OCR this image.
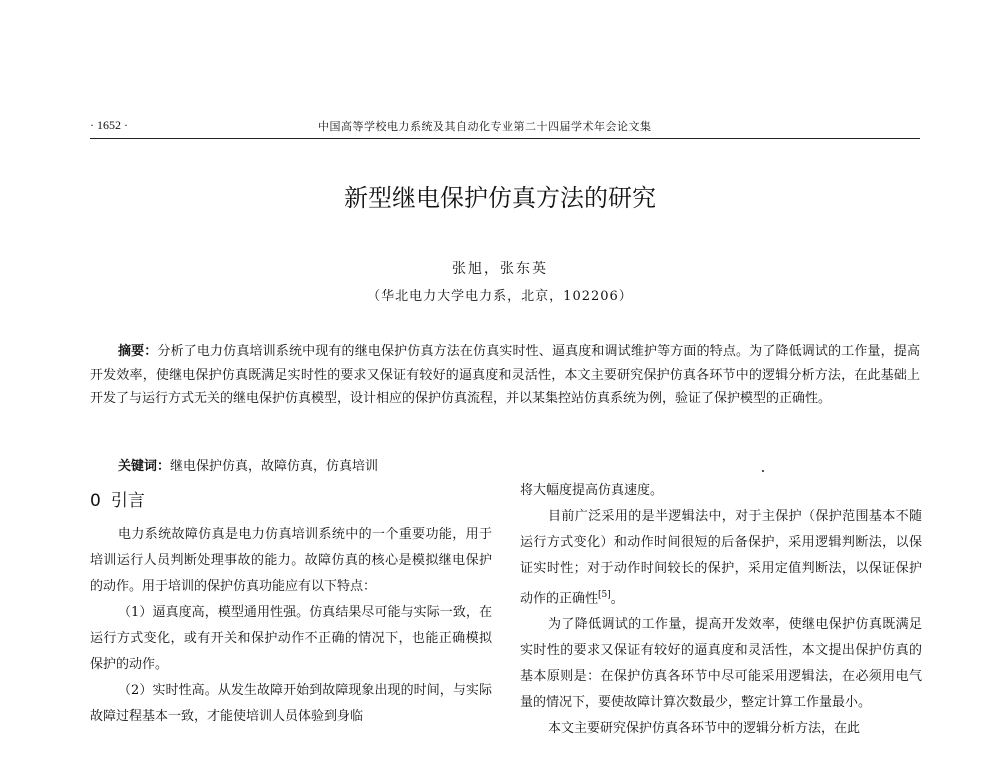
· 1652 ·	中国高等学校电力系统及其自动化专业第二十四届学术年会论文集
新型继电保护仿真方法的研究
张旭，张东英
（华北电力大学电力系，北京，102206）
摘要：分析了电力仿真培训系统中现有的继电保护仿真方法在仿真实时性、逼真度和调试维护等方面的特点。为了降低调试的工作量，提高开发效率，使继电保护仿真既满足实时性的要求又保证有较好的逼真度和灵活性，本文主要研究保护仿真各环节中的逻辑分析方法，在此基础上开发了与运行方式无关的继电保护仿真模型，设计相应的保护仿真流程，并以某集控站仿真系统为例，验证了保护模型的正确性。
关键词：继电保护仿真，故障仿真，仿真培训
0 引言

电力系统故障仿真是电力仿真培训系统中的一个重要功能，用于培训运行人员判断处理事故的能力。故障仿真的核心是模拟继电保护的动作。用于培训的保护仿真功能应有以下特点：

（1）逼真度高，模型通用性强。仿真结果尽可能与实际一致，在运行方式变化，或有开关和保护动作不正确的情况下，也能正确模拟保护的动作。

（2）实时性高。从发生故障开始到故障现象出现的时间，与实际故障过程基本一致，才能使培训人员体验到身临

将大幅度提高仿真速度。

目前广泛采用的是半逻辑法中，对于主保护（保护范围基本不随运行方式变化）和动作时间很短的后备保护，采用逻辑判断法，以保证实时性；对于动作时间较长的保护，采用定值判断法，以保证保护动作的正确性[5]。

为了降低调试的工作量，提高开发效率，使继电保护仿真既满足实时性的要求又保证有较好的逼真度和灵活性，本文提出保护仿真的基本原则是：在保护仿真各环节中尽可能采用逻辑法，在必须用电气量的情况下，要使故障计算次数最少，整定计算工作量最小。

本文主要研究保护仿真各环节中的逻辑分析方法，在此
